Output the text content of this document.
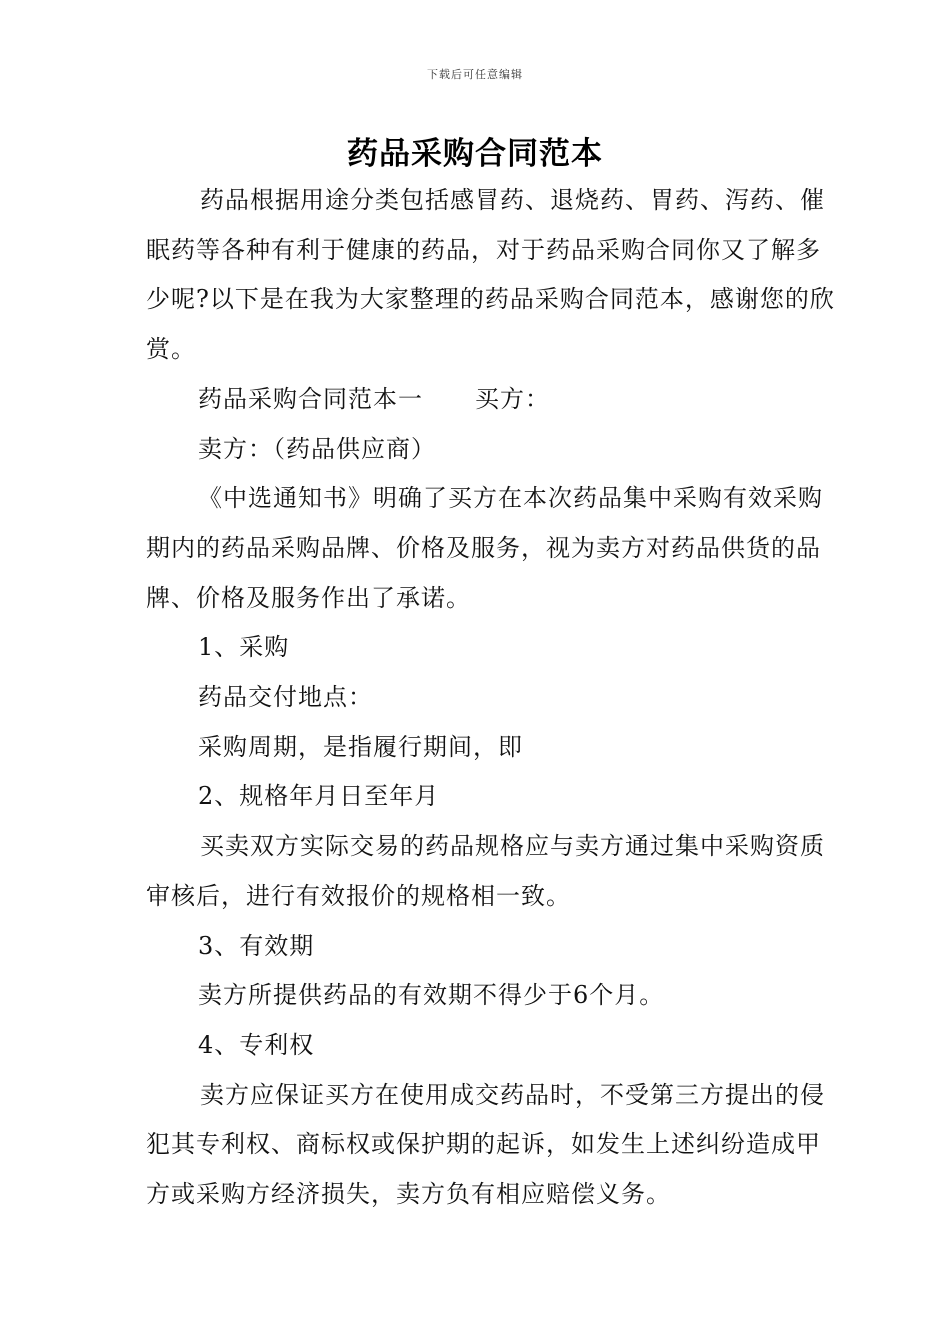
下载后可任意编辑
药品采购合同范本

药品根据用途分类包括感冒药、退烧药、胃药、泻药、催眠药等各种有利于健康的药品，对于药品采购合同你又了解多少呢?以下是在我为大家整理的药品采购合同范本，感谢您的欣赏。

药品采购合同范本一 买方：

卖方：（药品供应商）

《中选通知书》明确了买方在本次药品集中采购有效采购期内的药品采购品牌、价格及服务，视为卖方对药品供货的品牌、价格及服务作出了承诺。

1、采购

药品交付地点：

采购周期，是指履行期间，即

2、规格年月日至年月

买卖双方实际交易的药品规格应与卖方通过集中采购资质审核后，进行有效报价的规格相一致。

3、有效期

卖方所提供药品的有效期不得少于6个月。

4、专利权

卖方应保证买方在使用成交药品时，不受第三方提出的侵犯其专利权、商标权或保护期的起诉，如发生上述纠纷造成甲方或采购方经济损失，卖方负有相应赔偿义务。
